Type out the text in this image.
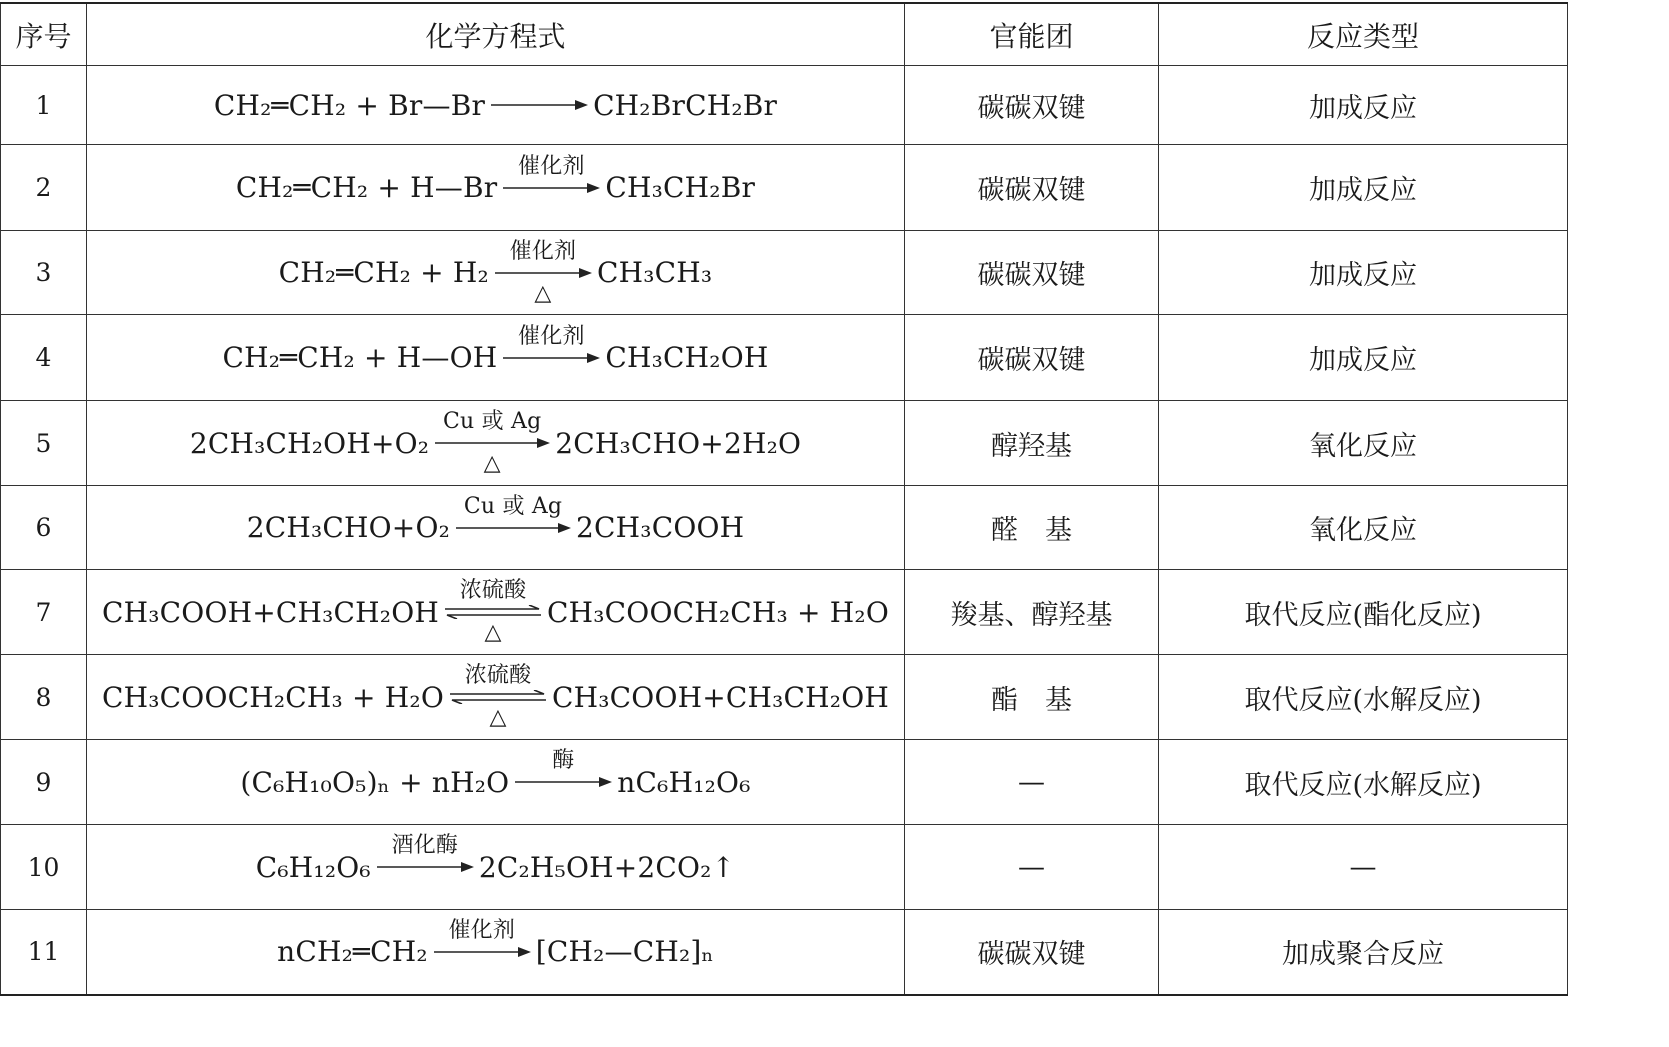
序号	化学方程式	官能团	反应类型
1	CH₂═CH₂ + Br—Br → CH₂BrCH₂Br	碳碳双键	加成反应
2	CH₂═CH₂ + H—Br
催化剂
CH₃CH₂Br	碳碳双键	加成反应
3	CH₂═CH₂ + H₂
催化剂
△
CH₃CH₃	碳碳双键	加成反应
4	CH₂═CH₂ + H—OH
催化剂
CH₃CH₂OH	碳碳双键	加成反应
5	2CH₃CH₂OH+O₂
Cu 或 Ag
△
2CH₃CHO+2H₂O	醇羟基	氧化反应
6	2CH₃CHO+O₂
Cu 或 Ag
2CH₃COOH	醛　基	氧化反应
7	CH₃COOH+CH₃CH₂OH
浓硫酸
△
CH₃COOCH₂CH₃ + H₂O	羧基、醇羟基	取代反应(酯化反应)
8	CH₃COOCH₂CH₃ + H₂O
浓硫酸
△
CH₃COOH+CH₃CH₂OH	酯　基	取代反应(水解反应)
9	(C₆H₁₀O₅)ₙ + nH₂O
酶
nC₆H₁₂O₆	—	取代反应(水解反应)
10	C₆H₁₂O₆
酒化酶
2C₂H₅OH+2CO₂↑	—	—
11	nCH₂═CH₂
催化剂
[CH₂—CH₂]ₙ	碳碳双键	加成聚合反应
